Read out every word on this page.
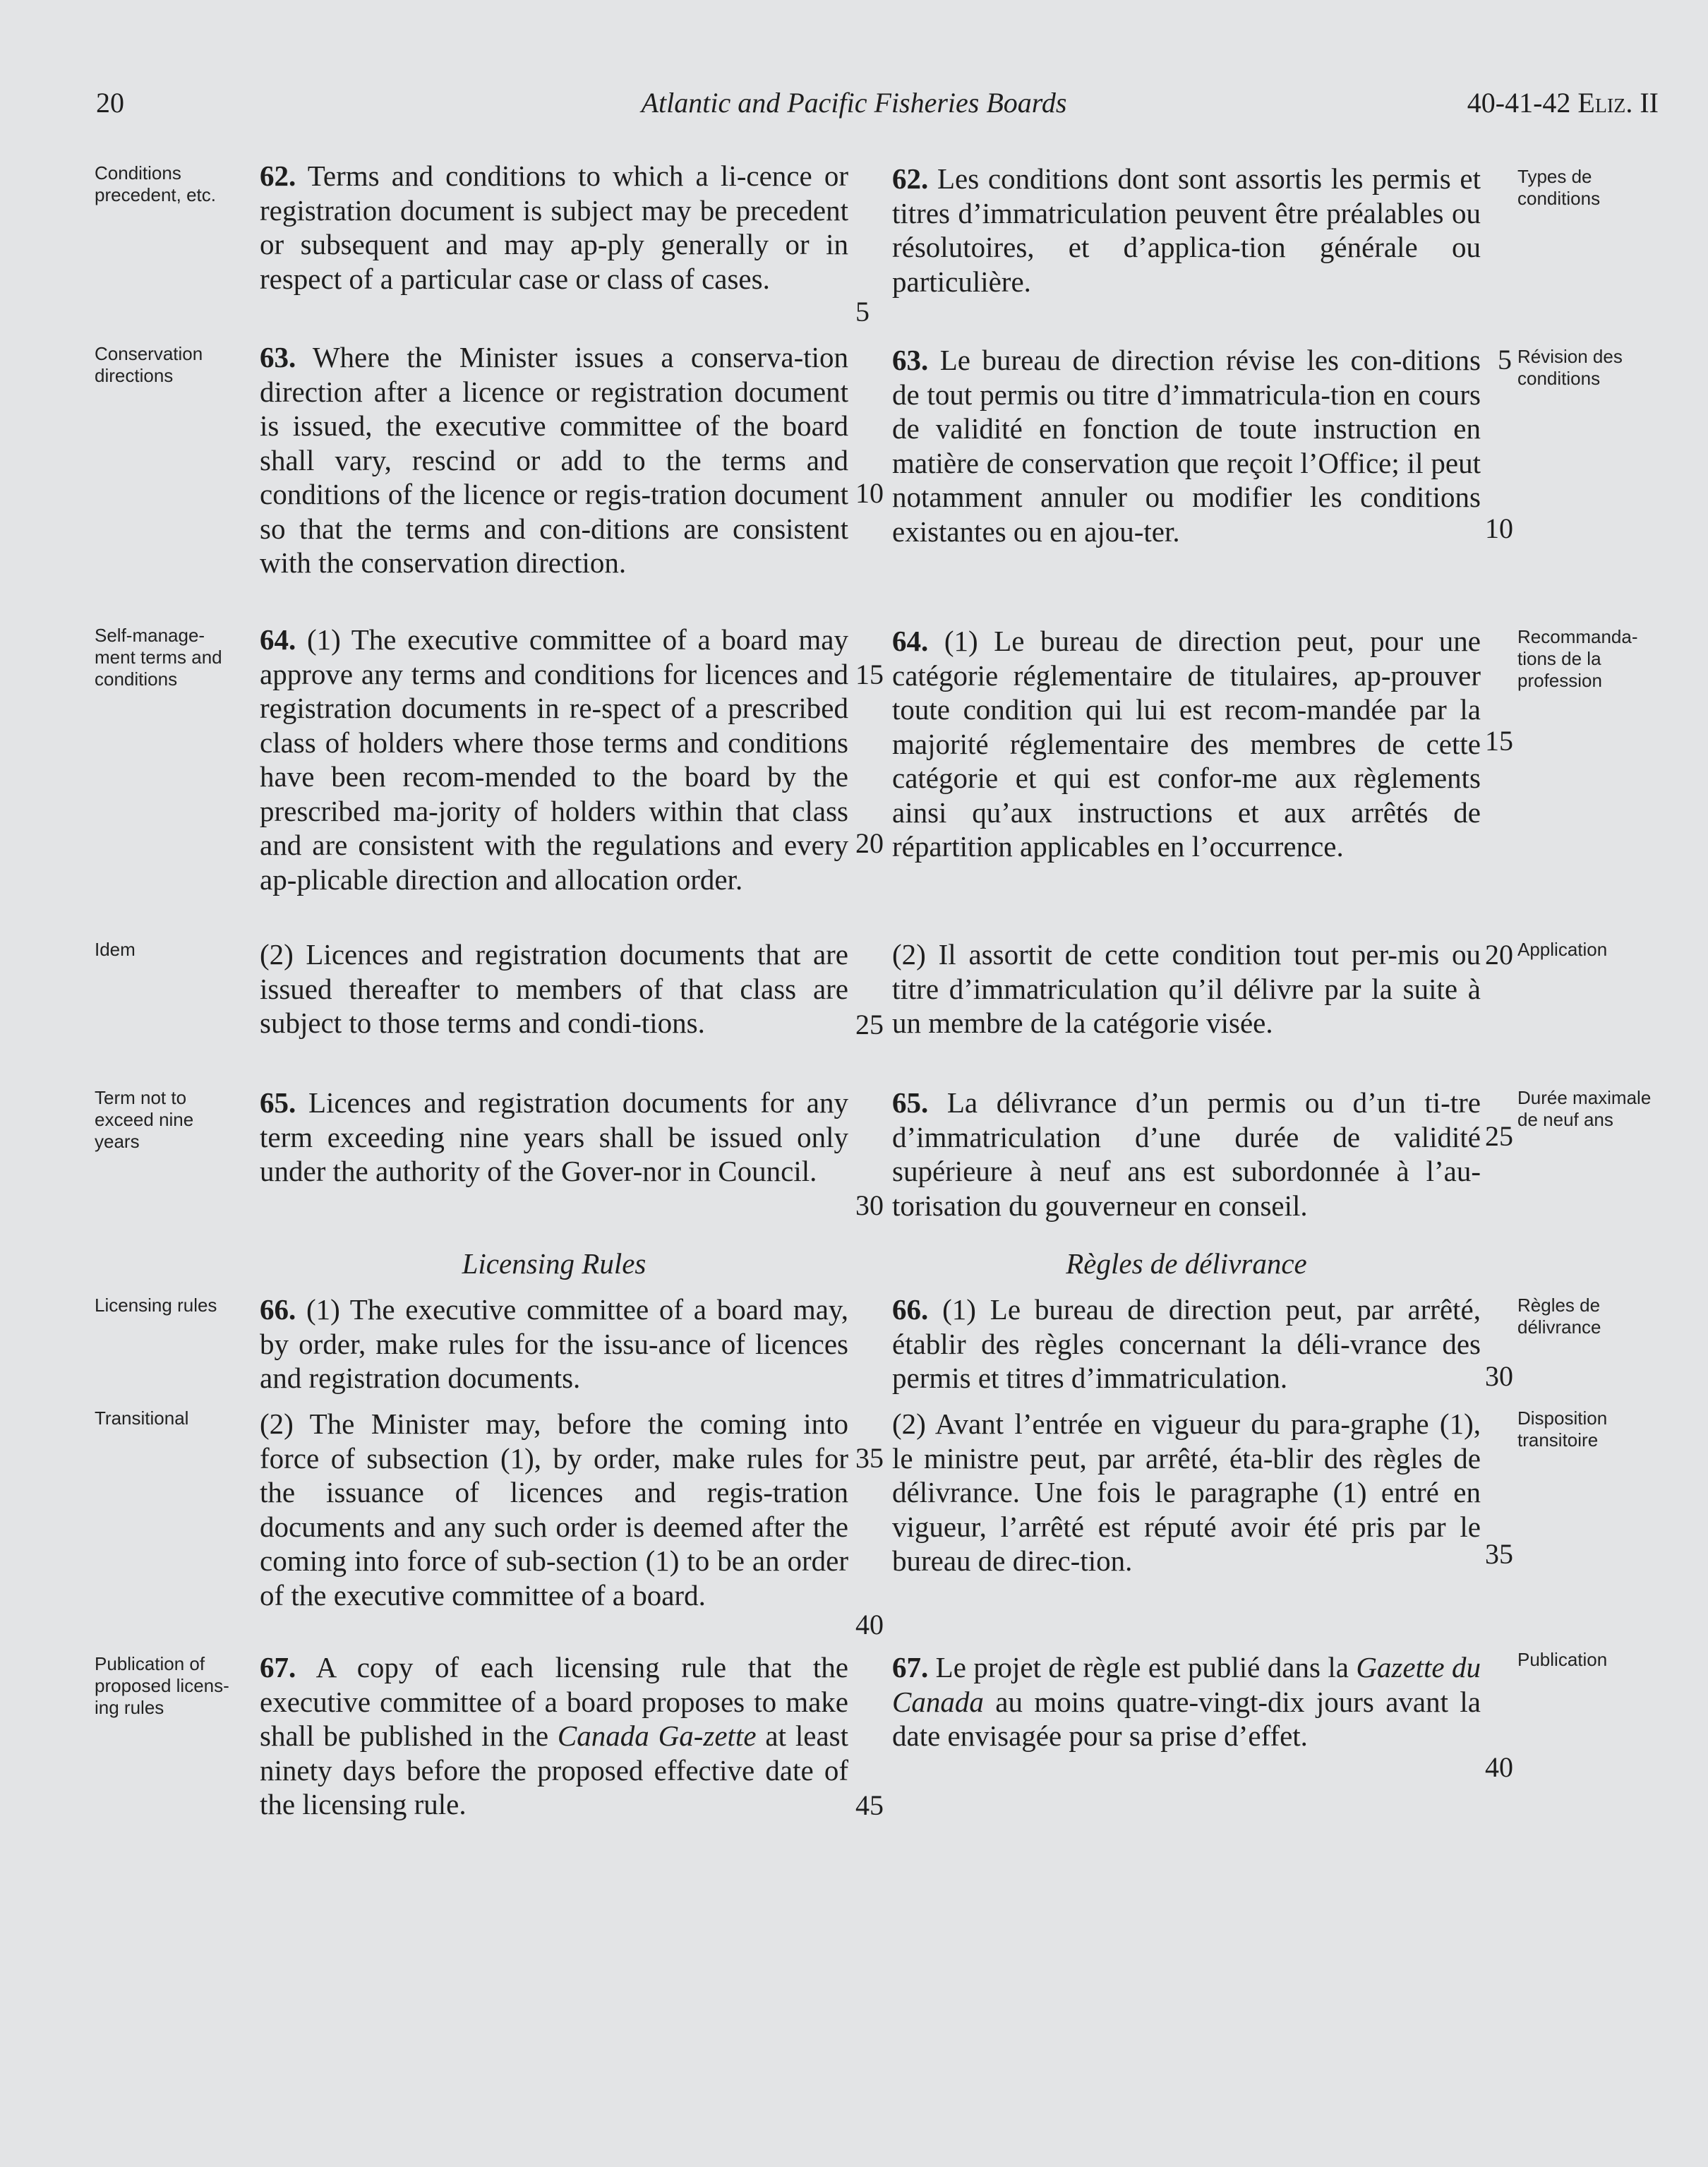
Atlantic and Pacific Fisheries Boards
20	40-41-42 Eliz. II
62. Terms and conditions to which a li-cence or registration document is subject may be precedent or subsequent and may ap-ply generally or in respect of a particular case or class of cases.
63. Where the Minister issues a conserva-tion direction after a licence or registration document is issued, the executive committee of the board shall vary, rescind or add to the terms and conditions of the licence or regis-tration document so that the terms and con-ditions are consistent with the conservation direction.
64. (1) The executive committee of a board may approve any terms and conditions for licences and registration documents in re-spect of a prescribed class of holders where those terms and conditions have been recom-mended to the board by the prescribed ma-jority of holders within that class and are consistent with the regulations and every ap-plicable direction and allocation order.
(2) Licences and registration documents that are issued thereafter to members of that class are subject to those terms and condi-tions.
65. Licences and registration documents for any term exceeding nine years shall be issued only under the authority of the Gover-nor in Council.
Licensing Rules
66. (1) The executive committee of a board may, by order, make rules for the issu-ance of licences and registration documents.
(2) The Minister may, before the coming into force of subsection (1), by order, make rules for the issuance of licences and regis-tration documents and any such order is deemed after the coming into force of sub-section (1) to be an order of the executive committee of a board.
67. A copy of each licensing rule that the executive committee of a board proposes to make shall be published in the Canada Ga-zette at least ninety days before the proposed effective date of the licensing rule.
62. Les conditions dont sont assortis les permis et titres d’immatriculation peuvent être préalables ou résolutoires, et d’applica-tion générale ou particulière.
63. Le bureau de direction révise les con-ditions de tout permis ou titre d’immatricula-tion en cours de validité en fonction de toute instruction en matière de conservation que reçoit l’Office; il peut notamment annuler ou modifier les conditions existantes ou en ajou-ter.
64. (1) Le bureau de direction peut, pour une catégorie réglementaire de titulaires, ap-prouver toute condition qui lui est recom-mandée par la majorité réglementaire des membres de cette catégorie et qui est confor-me aux règlements ainsi qu’aux instructions et aux arrêtés de répartition applicables en l’occurrence.
(2) Il assortit de cette condition tout per-mis ou titre d’immatriculation qu’il délivre par la suite à un membre de la catégorie visée.
65. La délivrance d’un permis ou d’un ti-tre d’immatriculation d’une durée de validité supérieure à neuf ans est subordonnée à l’au-torisation du gouverneur en conseil.
Règles de délivrance
66. (1) Le bureau de direction peut, par arrêté, établir des règles concernant la déli-vrance des permis et titres d’immatriculation.
(2) Avant l’entrée en vigueur du para-graphe (1), le ministre peut, par arrêté, éta-blir des règles de délivrance. Une fois le paragraphe (1) entré en vigueur, l’arrêté est réputé avoir été pris par le bureau de direc-tion.
67. Le projet de règle est publié dans la Gazette du Canada au moins quatre-vingt-dix jours avant la date envisagée pour sa prise d’effet.
Conditions precedent, etc.
Conservation directions
Self-manage-ment terms and conditions
Idem
Term not to exceed nine years
Licensing rules
Transitional
Publication of proposed licens-ing rules
Types de conditions
Révision des conditions
Recommanda-tions de la profession
Application
Durée maximale de neuf ans
Règles de délivrance
Disposition transitoire
Publication
5
10
15
20
25
30
35
40
45
5
10
15
20
25
30
35
40
